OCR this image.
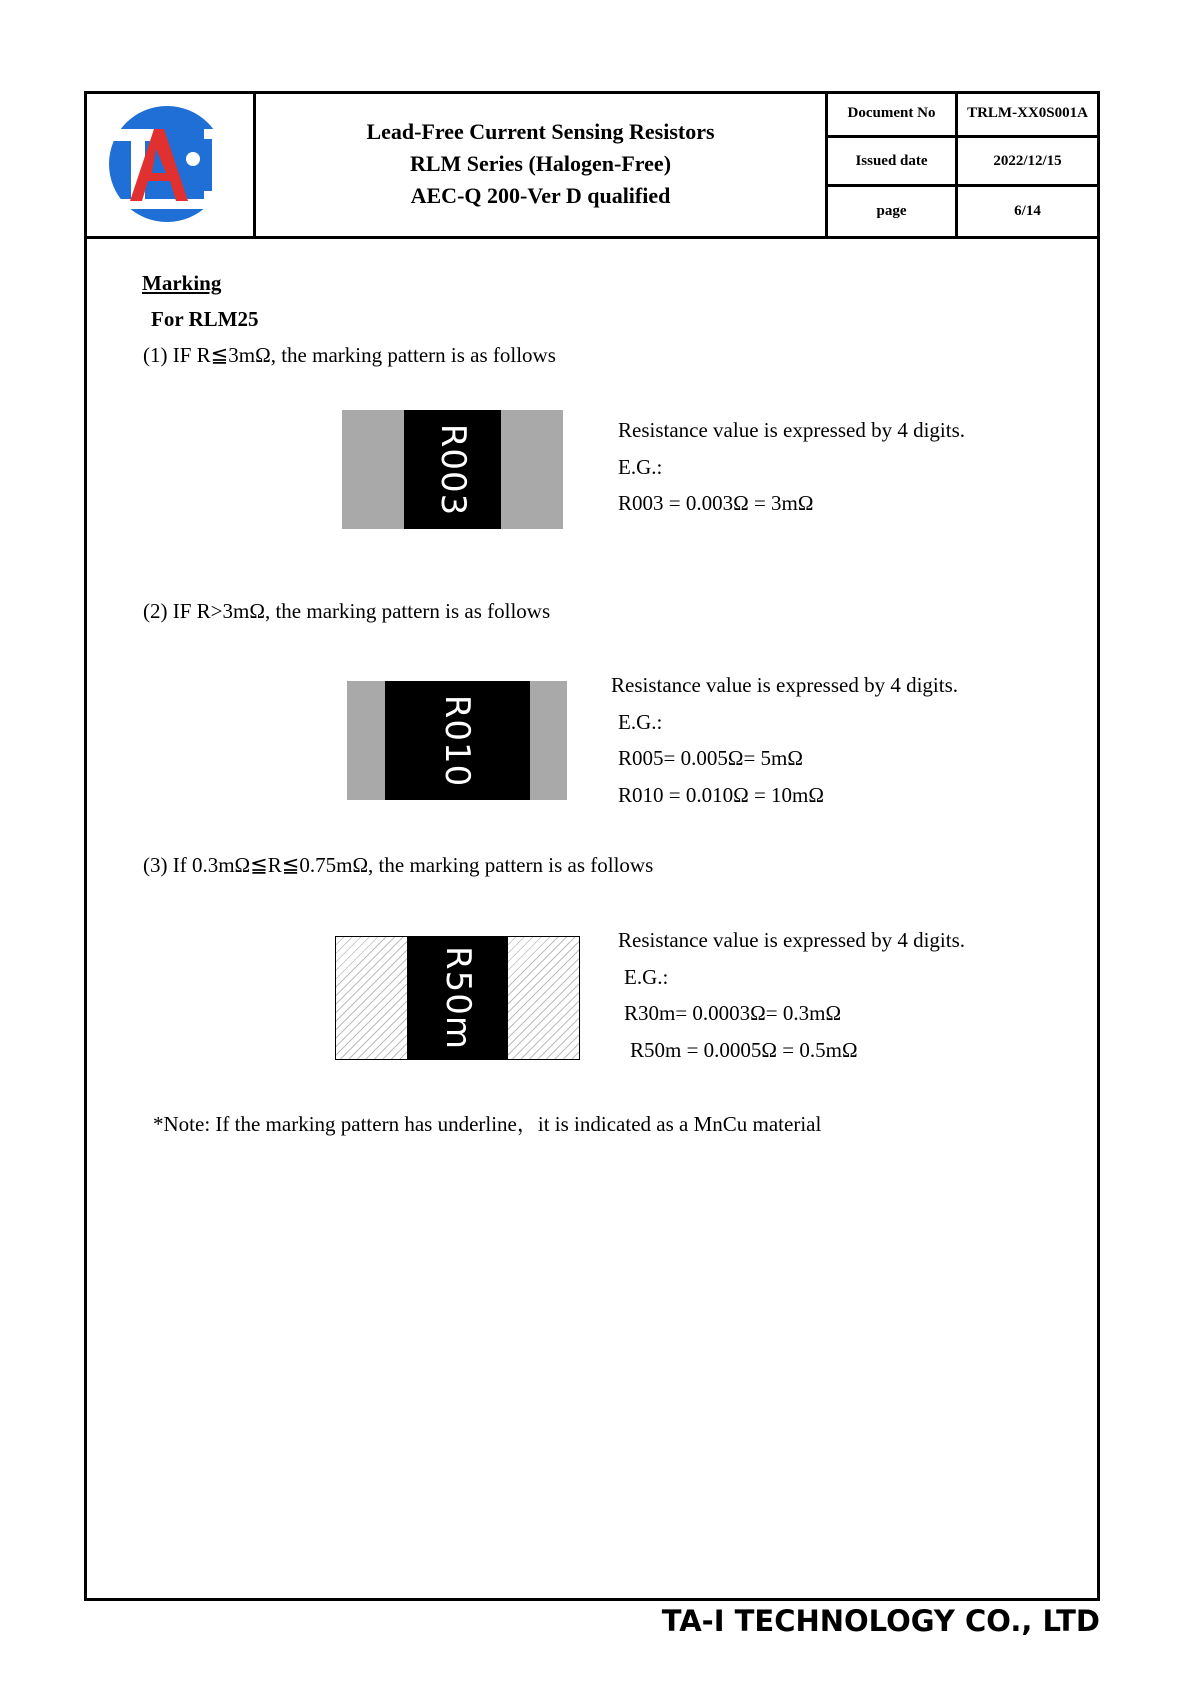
Lead-Free Current Sensing Resistors
RLM Series (Halogen-Free)
AEC-Q 200-Ver D qualified
Document No	TRLM-XX0S001A
Issued date	2022/12/15
page	6/14
Marking
For RLM25
(1) IF R≦3mΩ, the marking pattern is as follows
R003	Resistance value is expressed by 4 digits.
E.G.:
R003 = 0.003Ω = 3mΩ
(2) IF R>3mΩ, the marking pattern is as follows
R010
Resistance value is expressed by 4 digits.
E.G.:
R005= 0.005Ω= 5mΩ
R010 = 0.010Ω = 10mΩ
(3) If 0.3mΩ≦R≦0.75mΩ, the marking pattern is as follows
R50m
Resistance value is expressed by 4 digits.
E.G.:
R30m= 0.0003Ω= 0.3mΩ
R50m = 0.0005Ω = 0.5mΩ
*Note: If the marking pattern has underline，it is indicated as a MnCu material
TA-I TECHNOLOGY CO., LTD
